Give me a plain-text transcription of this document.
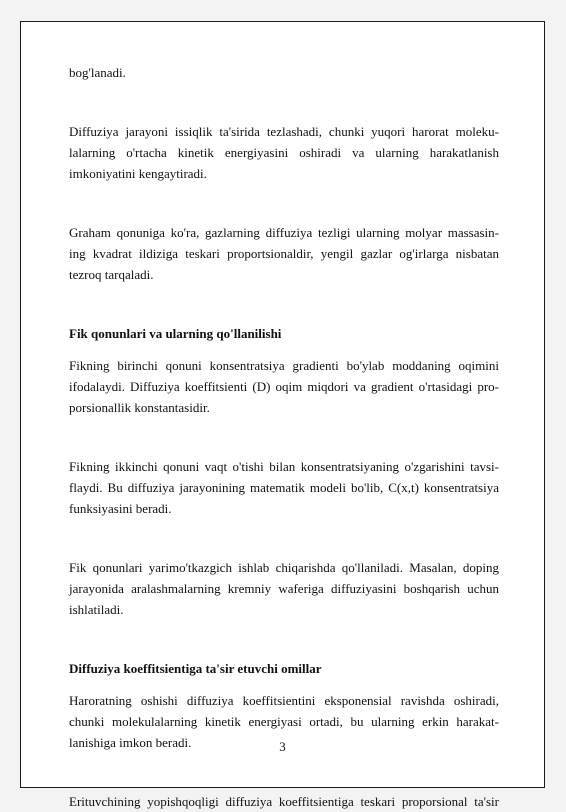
bog'lanadi.

Diffuziya jarayoni issiqlik ta'sirida tezlashadi, chunki yuqori harorat moleku-
lalarning o'rtacha kinetik energiyasini oshiradi va ularning harakatlanish
imkoniyatini kengaytiradi.

Graham qonuniga ko'ra, gazlarning diffuziya tezligi ularning molyar massasin-
ing kvadrat ildiziga teskari proportsionaldir, yengil gazlar og'irlarga nisbatan
tezroq tarqaladi.

Fik qonunlari va ularning qo'llanilishi

Fikning birinchi qonuni konsentratsiya gradienti bo'ylab moddaning oqimini
ifodalaydi. Diffuziya koeffitsienti (D) oqim miqdori va gradient o'rtasidagi pro-
porsionallik konstantasidir.

Fikning ikkinchi qonuni vaqt o'tishi bilan konsentratsiyaning o'zgarishini tavsi-
flaydi. Bu diffuziya jarayonining matematik modeli bo'lib, C(x,t) konsentratsiya
funksiyasini beradi.

Fik qonunlari yarimo'tkazgich ishlab chiqarishda qo'llaniladi. Masalan, doping
jarayonida aralashmalarning kremniy waferiga diffuziyasini boshqarish uchun
ishlatiladi.

Diffuziya koeffitsientiga ta'sir etuvchi omillar

Haroratning oshishi diffuziya koeffitsientini eksponensial ravishda oshiradi,
chunki molekulalarning kinetik energiyasi ortadi, bu ularning erkin harakat-
lanishiga imkon beradi.

Erituvchining yopishqoqligi diffuziya koeffitsientiga teskari proporsional ta'sir

3
